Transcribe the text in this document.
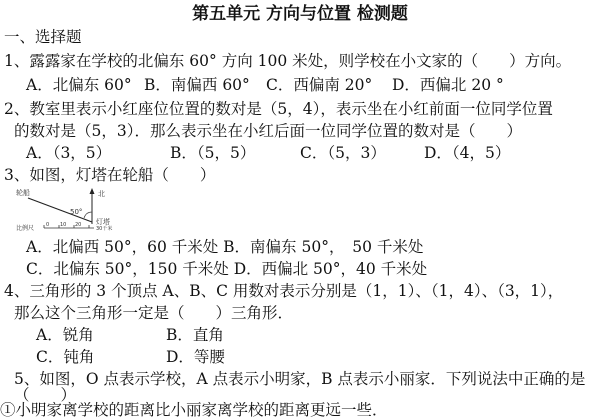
第五单元 方向与位置 检测题
一、选择题
1、露露家在学校的北偏东 60° 方向 100 米处，则学校在小文家的（　　）方向。
A．北偏东 60° B．南偏西 60° C．西偏南 20° D．西偏北 20 °
2、教室里表示小红座位位置的数对是（5，4），表示坐在小红前面一位同学位置
的数对是（5，3）．那么表示坐在小红后面一位同学位置的数对是（　　）
A．（3，5）	B．（5，5）	C．（5，3） D．（4，5）
3、如图，灯塔在轮船（　　）
轮船	北
50°
灯塔
比例尺 0 10 20
30千米
A．北偏西 50°，60 千米处 B．南偏东 50°，　50 千米处
C．北偏东 50°，150 千米处 D．西偏北 50°，40 千米处
4、三角形的 3 个顶点 A、B、C 用数对表示分别是（1，1）、（1，4）、（3，1），
那么这个三角形一定是（　　）三角形．
A．锐角	B．直角
C．钝角	D．等腰
5、如图，O 点表示学校，A 点表示小明家，B 点表示小丽家．下列说法中正确的是
（　　）
①小明家离学校的距离比小丽家离学校的距离更远一些．
